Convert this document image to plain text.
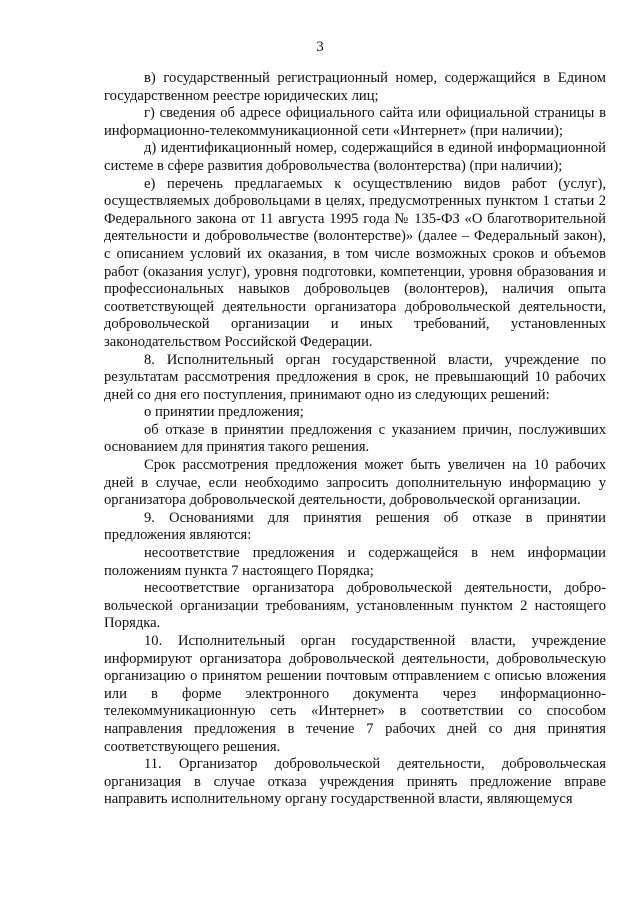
3

в) государственный регистрационный номер, содержащийся в Едином государственном реестре юридических лиц;

г) сведения об адресе официального сайта или официальной страницы в информационно-телекоммуникационной сети «Интернет» (при наличии);

д) идентификационный номер, содержащийся в единой информационной системе в сфере развития добровольчества (волонтерства) (при наличии);

е) перечень предлагаемых к осуществлению видов работ (услуг), осуществляемых добровольцами в целях, предусмотренных пунктом 1 статьи 2 Федерального закона от 11 августа 1995 года № 135-ФЗ «О благотворительной деятельности и добровольчестве (волонтерстве)» (далее – Федеральный закон), с описанием условий их оказания, в том числе возможных сроков и объемов работ (оказания услуг), уровня подготовки, компетенции, уровня образования и профессиональных навыков добровольцев (волонтеров), наличия опыта соответствующей деятельности организатора добровольческой деятельности, добровольческой организации и иных требований, установленных законодательством Российской Федерации.

8. Исполнительный орган государственной власти, учреждение по результатам рассмотрения предложения в срок, не превышающий 10 рабочих дней со дня его поступления, принимают одно из следующих решений:

о принятии предложения;

об отказе в принятии предложения с указанием причин, послуживших основанием для принятия такого решения.

Срок рассмотрения предложения может быть увеличен на 10 рабочих дней в случае, если необходимо запросить дополнительную информацию у организатора добровольческой деятельности, добровольческой организации.

9. Основаниями для принятия решения об отказе в принятии предложения являются:

несоответствие предложения и содержащейся в нем информации положениям пункта 7 настоящего Порядка;

несоответствие организатора добровольческой деятельности, добровольческой организации требованиям, установленным пунктом 2 настоящего Порядка.

10. Исполнительный орган государственной власти, учреждение информируют организатора добровольческой деятельности, добровольческую организацию о принятом решении почтовым отправлением с описью вложения или в форме электронного документа через информационно-телекоммуникационную сеть «Интернет» в соответствии со способом направления предложения в течение 7 рабочих дней со дня принятия соответствующего решения.

11. Организатор добровольческой деятельности, добровольческая организация в случае отказа учреждения принять предложение вправе направить исполнительному органу государственной власти, являющемуся
